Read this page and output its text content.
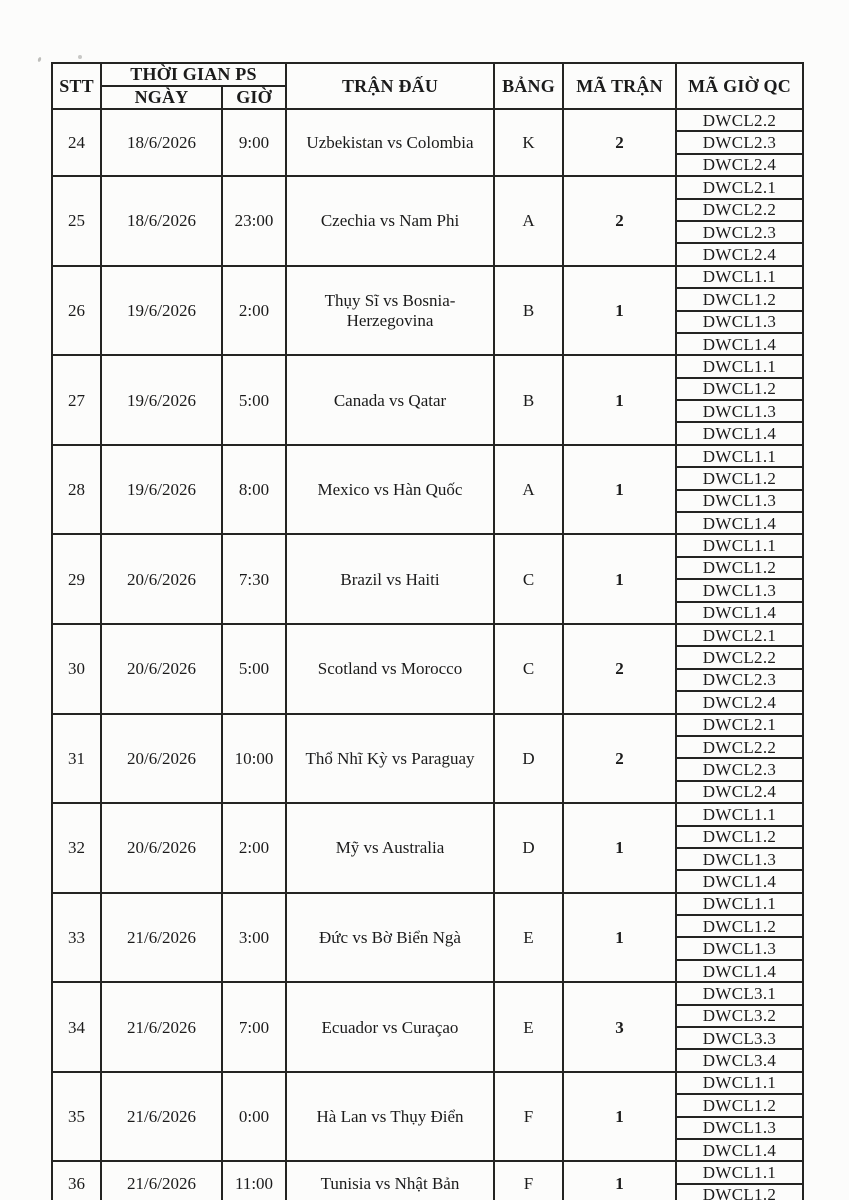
STT	THỜI GIAN PS		TRẬN ĐẤU	BẢNG	MÃ TRẬN	MÃ GIỜ QC
	NGÀY	GIỜ				
24	18/6/2026	9:00	Uzbekistan vs Colombia	K	2	DWCL2.2
						DWCL2.3
						DWCL2.4
25	18/6/2026	23:00	Czechia vs Nam Phi	A	2	DWCL2.1
						DWCL2.2
						DWCL2.3
						DWCL2.4
26	19/6/2026	2:00	Thụy Sĩ vs Bosnia-Herzegovina	B	1	DWCL1.1
						DWCL1.2
						DWCL1.3
						DWCL1.4
27	19/6/2026	5:00	Canada vs Qatar	B	1	DWCL1.1
						DWCL1.2
						DWCL1.3
						DWCL1.4
28	19/6/2026	8:00	Mexico vs Hàn Quốc	A	1	DWCL1.1
						DWCL1.2
						DWCL1.3
						DWCL1.4
29	20/6/2026	7:30	Brazil vs Haiti	C	1	DWCL1.1
						DWCL1.2
						DWCL1.3
						DWCL1.4
30	20/6/2026	5:00	Scotland vs Morocco	C	2	DWCL2.1
						DWCL2.2
						DWCL2.3
						DWCL2.4
31	20/6/2026	10:00	Thổ Nhĩ Kỳ vs Paraguay	D	2	DWCL2.1
						DWCL2.2
						DWCL2.3
						DWCL2.4
32	20/6/2026	2:00	Mỹ vs Australia	D	1	DWCL1.1
						DWCL1.2
						DWCL1.3
						DWCL1.4
33	21/6/2026	3:00	Đức vs Bờ Biển Ngà	E	1	DWCL1.1
						DWCL1.2
						DWCL1.3
						DWCL1.4
34	21/6/2026	7:00	Ecuador vs Curaçao	E	3	DWCL3.1
						DWCL3.2
						DWCL3.3
						DWCL3.4
35	21/6/2026	0:00	Hà Lan vs Thụy Điển	F	1	DWCL1.1
						DWCL1.2
						DWCL1.3
						DWCL1.4
36	21/6/2026	11:00	Tunisia vs Nhật Bản	F	1	DWCL1.1
						DWCL1.2
